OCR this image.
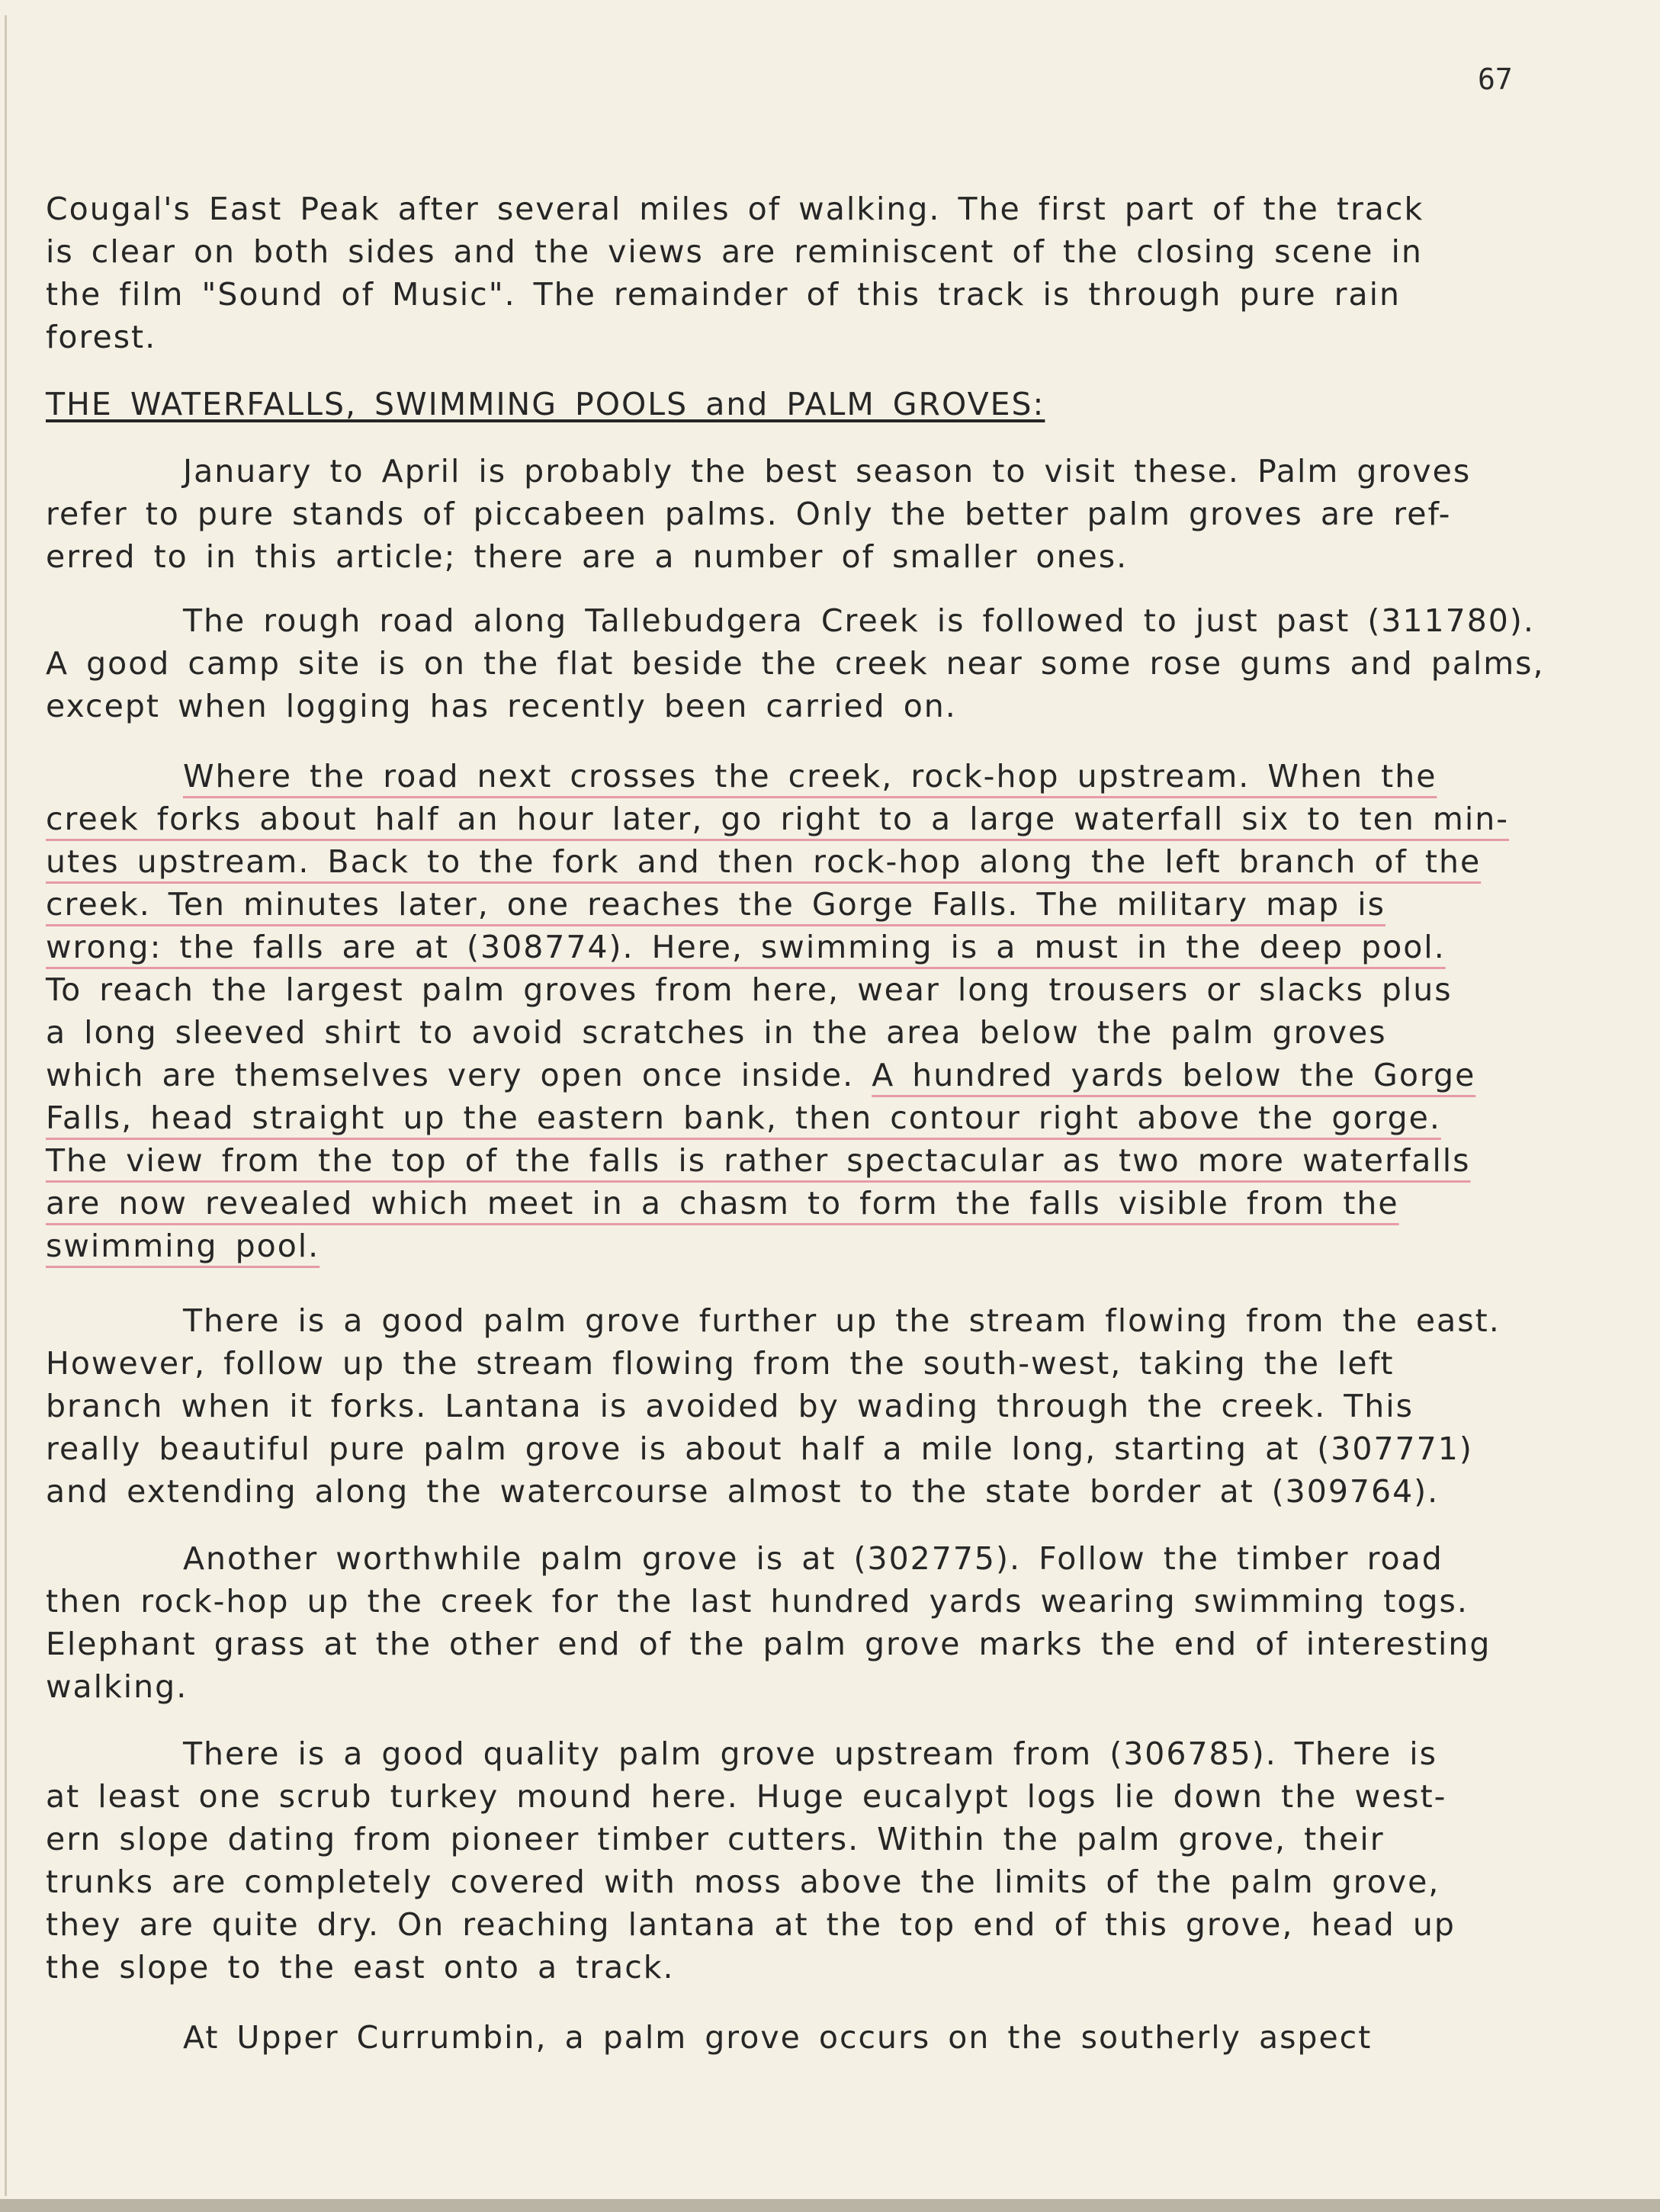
67
Cougal's East Peak after several miles of walking. The first part of the track
is clear on both sides and the views are reminiscent of the closing scene in
the film "Sound of Music". The remainder of this track is through pure rain
forest.
THE WATERFALLS, SWIMMING POOLS and PALM GROVES:
January to April is probably the best season to visit these. Palm groves
refer to pure stands of piccabeen palms. Only the better palm groves are ref-
erred to in this article; there are a number of smaller ones.
The rough road along Tallebudgera Creek is followed to just past (311780).
A good camp site is on the flat beside the creek near some rose gums and palms,
except when logging has recently been carried on.
Where the road next crosses the creek, rock-hop upstream. When the
creek forks about half an hour later, go right to a large waterfall six to ten min-
utes upstream. Back to the fork and then rock-hop along the left branch of the
creek. Ten minutes later, one reaches the Gorge Falls. The military map is
wrong: the falls are at (308774). Here, swimming is a must in the deep pool.
To reach the largest palm groves from here, wear long trousers or slacks plus
a long sleeved shirt to avoid scratches in the area below the palm groves
which are themselves very open once inside. A hundred yards below the Gorge
Falls, head straight up the eastern bank, then contour right above the gorge.
The view from the top of the falls is rather spectacular as two more waterfalls
are now revealed which meet in a chasm to form the falls visible from the
swimming pool.
There is a good palm grove further up the stream flowing from the east.
However, follow up the stream flowing from the south-west, taking the left
branch when it forks. Lantana is avoided by wading through the creek. This
really beautiful pure palm grove is about half a mile long, starting at (307771)
and extending along the watercourse almost to the state border at (309764).
Another worthwhile palm grove is at (302775). Follow the timber road
then rock-hop up the creek for the last hundred yards wearing swimming togs.
Elephant grass at the other end of the palm grove marks the end of interesting
walking.
There is a good quality palm grove upstream from (306785). There is
at least one scrub turkey mound here. Huge eucalypt logs lie down the west-
ern slope dating from pioneer timber cutters. Within the palm grove, their
trunks are completely covered with moss above the limits of the palm grove,
they are quite dry. On reaching lantana at the top end of this grove, head up
the slope to the east onto a track.
At Upper Currumbin, a palm grove occurs on the southerly aspect
